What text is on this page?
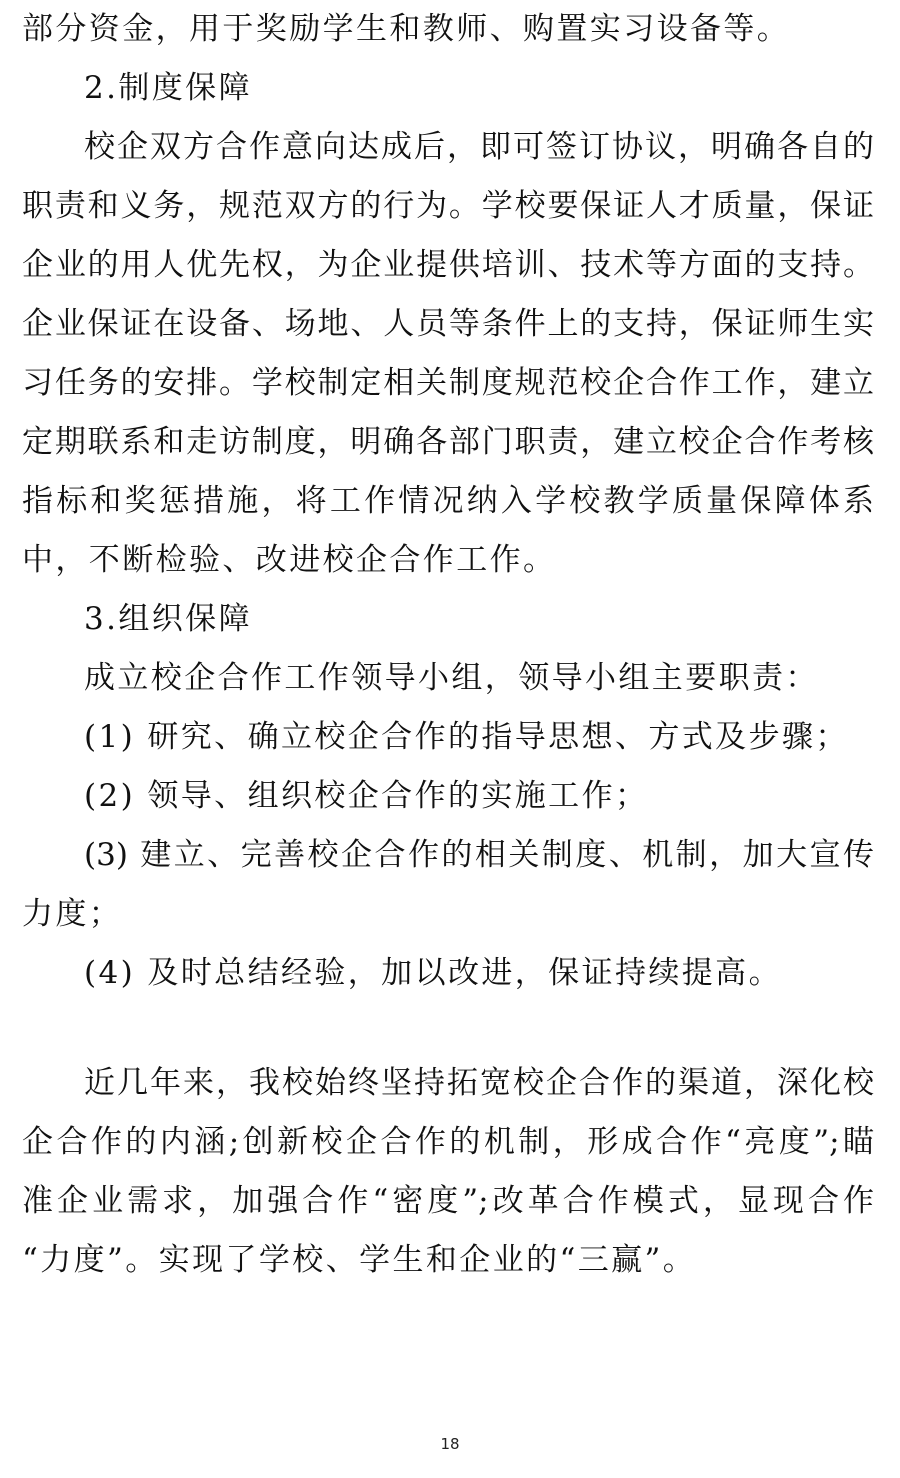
部分资金，用于奖励学生和教师、购置实习设备等。
2.制度保障
校企双方合作意向达成后，即可签订协议，明确各自的
职责和义务，规范双方的行为。学校要保证人才质量，保证
企业的用人优先权，为企业提供培训、技术等方面的支持。
企业保证在设备、场地、人员等条件上的支持，保证师生实
习任务的安排。学校制定相关制度规范校企合作工作，建立
定期联系和走访制度，明确各部门职责，建立校企合作考核
指标和奖惩措施，将工作情况纳入学校教学质量保障体系
中，不断检验、改进校企合作工作。
3.组织保障
成立校企合作工作领导小组，领导小组主要职责：
(1) 研究、确立校企合作的指导思想、方式及步骤；
(2) 领导、组织校企合作的实施工作；
(3) 建立、完善校企合作的相关制度、机制，加大宣传
力度；
(4) 及时总结经验，加以改进，保证持续提高。
近几年来，我校始终坚持拓宽校企合作的渠道，深化校
企合作的内涵;创新校企合作的机制，形成合作“亮度”;瞄
准企业需求，加强合作“密度”;改革合作模式，显现合作
“力度”。实现了学校、学生和企业的“三赢”。
18
